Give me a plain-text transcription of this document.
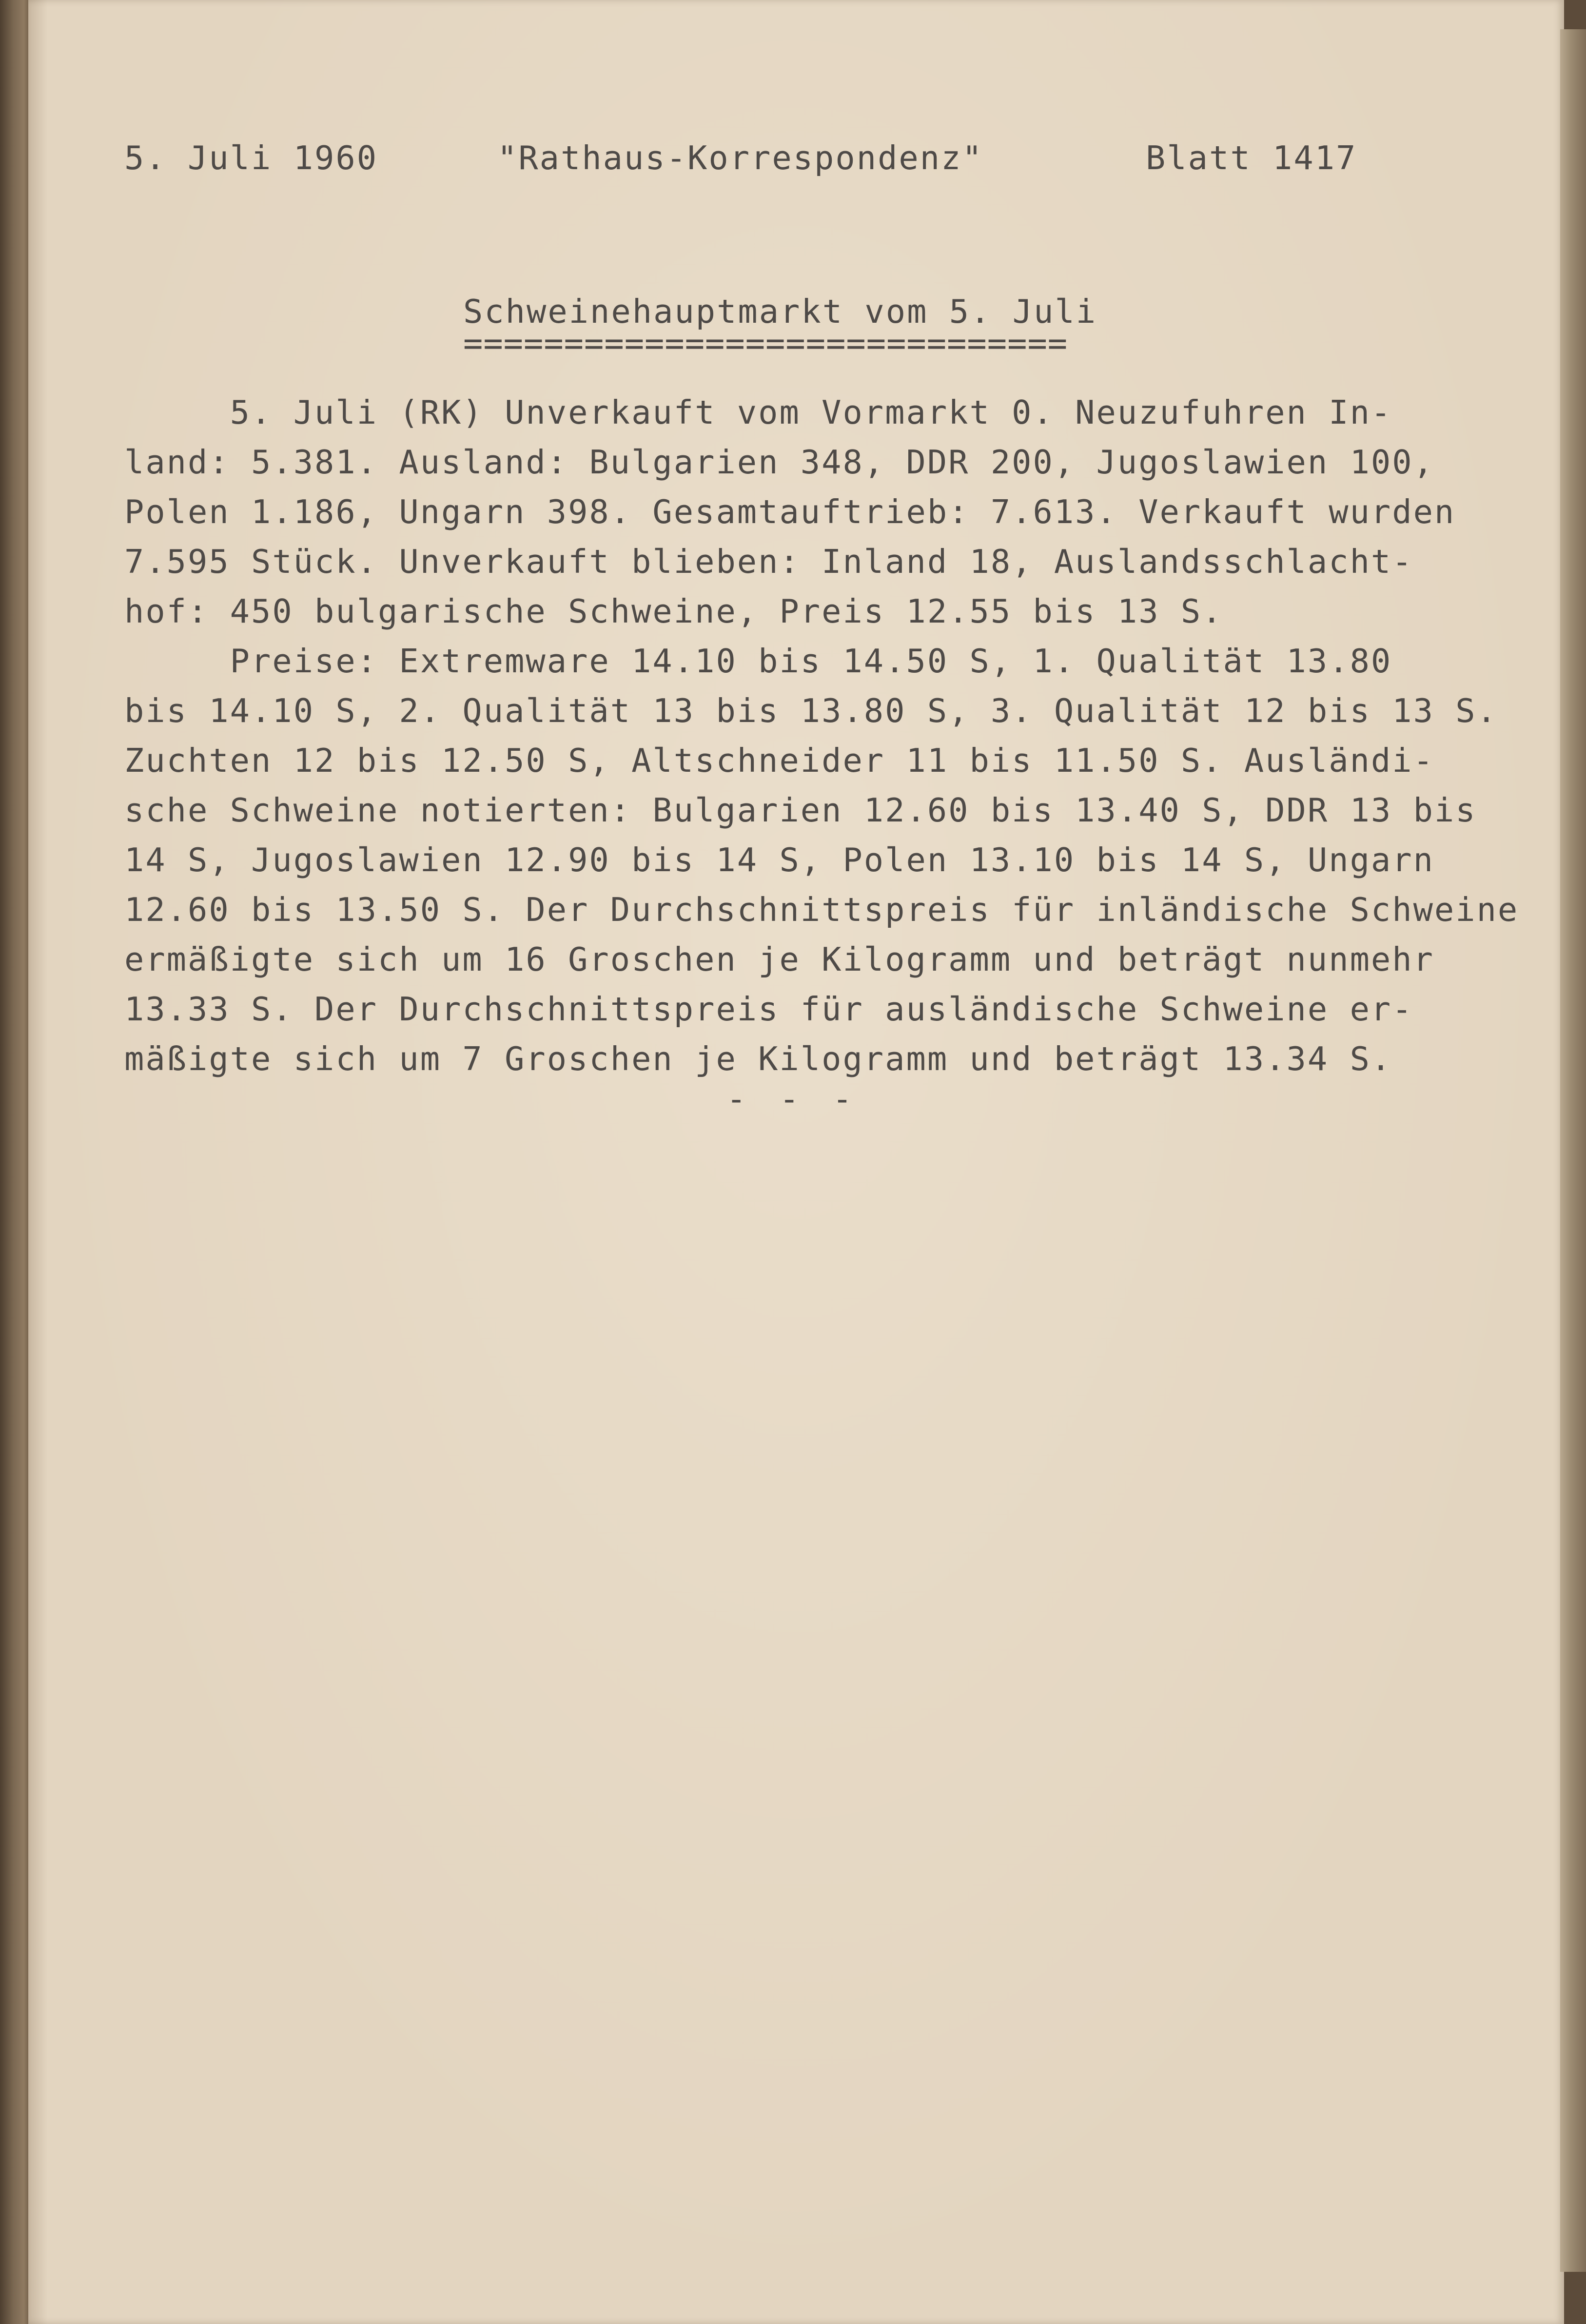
5. Juli 1960	"Rathaus-Korrespondenz"	Blatt 1417

Schweinehauptmarkt vom 5. Juli

==============================

5. Juli (RK) Unverkauft vom Vormarkt 0. Neuzufuhren In-
land: 5.381. Ausland: Bulgarien 348, DDR 200, Jugoslawien 100,
Polen 1.186, Ungarn 398. Gesamtauftrieb: 7.613. Verkauft wurden
7.595 Stück. Unverkauft blieben: Inland 18, Auslandsschlacht-
hof: 450 bulgarische Schweine, Preis 12.55 bis 13 S.
Preise: Extremware 14.10 bis 14.50 S, 1. Qualität 13.80
bis 14.10 S, 2. Qualität 13 bis 13.80 S, 3. Qualität 12 bis 13 S.
Zuchten 12 bis 12.50 S, Altschneider 11 bis 11.50 S. Ausländi-
sche Schweine notierten: Bulgarien 12.60 bis 13.40 S, DDR 13 bis
14 S, Jugoslawien 12.90 bis 14 S, Polen 13.10 bis 14 S, Ungarn
12.60 bis 13.50 S. Der Durchschnittspreis für inländische Schweine
ermäßigte sich um 16 Groschen je Kilogramm und beträgt nunmehr
13.33 S. Der Durchschnittspreis für ausländische Schweine er-
mäßigte sich um 7 Groschen je Kilogramm und beträgt 13.34 S.

- - -
